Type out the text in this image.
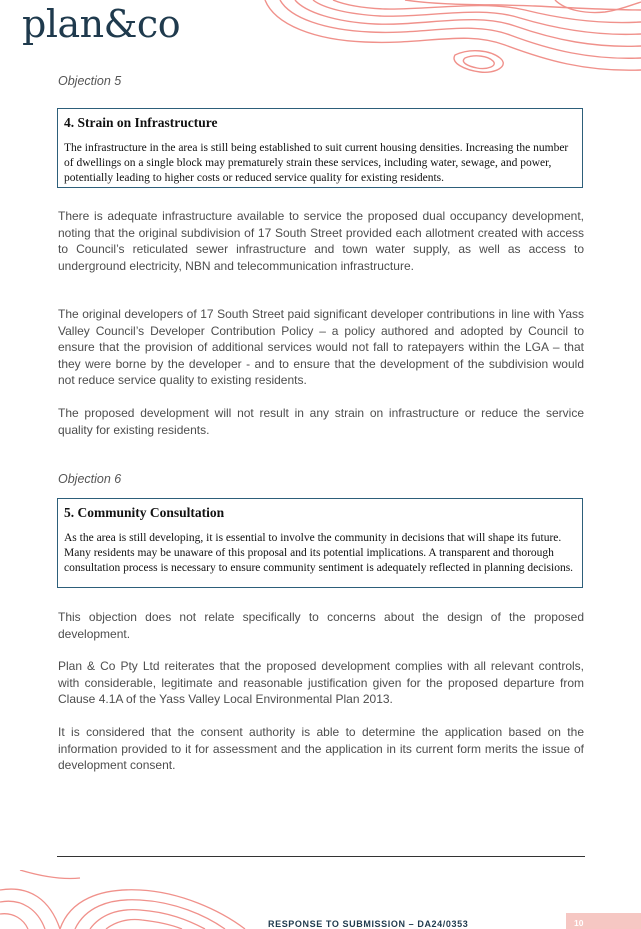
plan&co
Objection 5

4. Strain on Infrastructure

The infrastructure in the area is still being established to suit current housing densities. Increasing the number of dwellings on a single block may prematurely strain these services, including water, sewage, and power, potentially leading to higher costs or reduced service quality for existing residents.

There is adequate infrastructure available to service the proposed dual occupancy development, noting that the original subdivision of 17 South Street provided each allotment created with access to Council’s reticulated sewer infrastructure and town water supply, as well as access to underground electricity, NBN and telecommunication infrastructure.

The original developers of 17 South Street paid significant developer contributions in line with Yass Valley Council’s Developer Contribution Policy – a policy authored and adopted by Council to ensure that the provision of additional services would not fall to ratepayers within the LGA – that they were borne by the developer - and to ensure that the development of the subdivision would not reduce service quality to existing residents.

The proposed development will not result in any strain on infrastructure or reduce the service quality for existing residents.

Objection 6

5. Community Consultation

As the area is still developing, it is essential to involve the community in decisions that will shape its future. Many residents may be unaware of this proposal and its potential implications. A transparent and thorough consultation process is necessary to ensure community sentiment is adequately reflected in planning decisions.

This objection does not relate specifically to concerns about the design of the proposed development.

Plan & Co Pty Ltd reiterates that the proposed development complies with all relevant controls, with considerable, legitimate and reasonable justification given for the proposed departure from Clause 4.1A of the Yass Valley Local Environmental Plan 2013.

It is considered that the consent authority is able to determine the application based on the information provided to it for assessment and the application in its current form merits the issue of development consent.

RESPONSE TO SUBMISSION – DA24/0353	10
